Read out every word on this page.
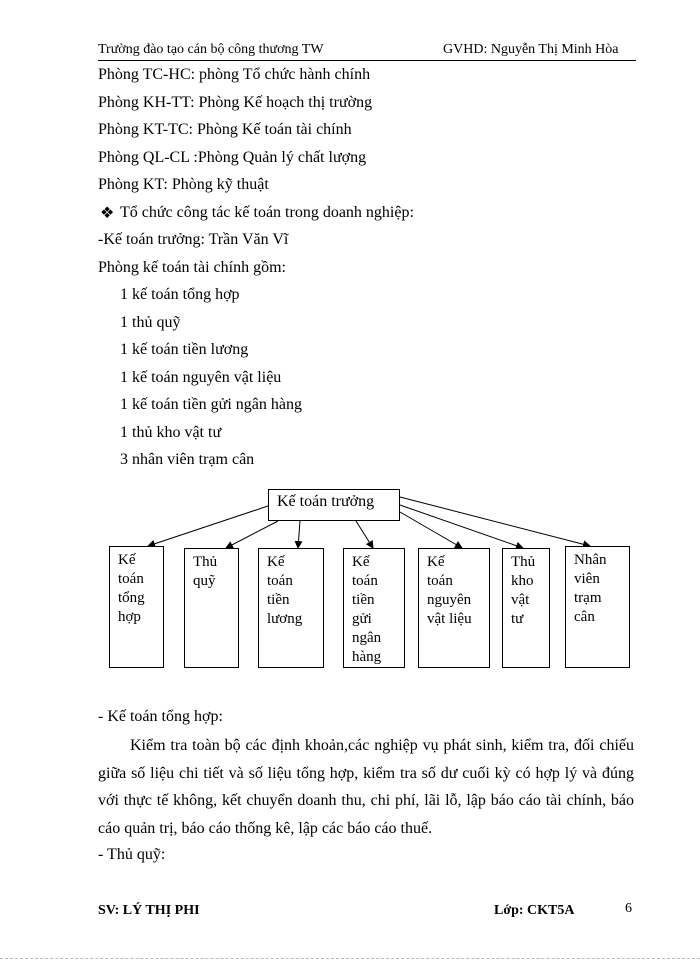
Trường đào tạo cán bộ công thương TW	GVHD: Nguyễn Thị Minh Hòa
Phòng TC-HC: phòng Tổ chức hành chính
Phòng KH-TT: Phòng Kế hoạch thị trường
Phòng KT-TC: Phòng Kế toán tài chính
Phòng QL-CL :Phòng Quản lý chất lượng
Phòng KT: Phòng kỹ thuật
❖ Tổ chức công tác kế toán trong doanh nghiệp:
-Kế toán trưởng: Trần Văn Vĩ
Phòng kế toán tài chính gồm:
1 kế toán tổng hợp
1 thủ quỹ
1 kế toán tiền lương
1 kế toán nguyên vật liệu
1 kế toán tiền gửi ngân hàng
1 thủ kho vật tư
3 nhân viên trạm cân
Kế toán trưởng
Kế
toán
tổng
hợp
Thủ
quỹ
Kế
toán
tiền
lương
Kế
toán
tiền
gửi
ngân
hàng
Kế
toán
nguyên
vật liệu
Thủ
kho
vật
tư
Nhân
viên
trạm
cân
- Kế toán tổng hợp:
Kiểm tra toàn bộ các định khoản,các nghiệp vụ phát sinh, kiểm tra, đối chiếu giữa số liệu chi tiết và số liệu tổng hợp, kiểm tra số dư cuối kỳ có hợp lý và đúng với thực tế không, kết chuyển doanh thu, chi phí, lãi lỗ, lập báo cáo tài chính, báo cáo quản trị, báo cáo thống kê, lập các báo cáo thuế.
- Thủ quỹ:
SV: LÝ THỊ PHI	Lớp: CKT5A	6
